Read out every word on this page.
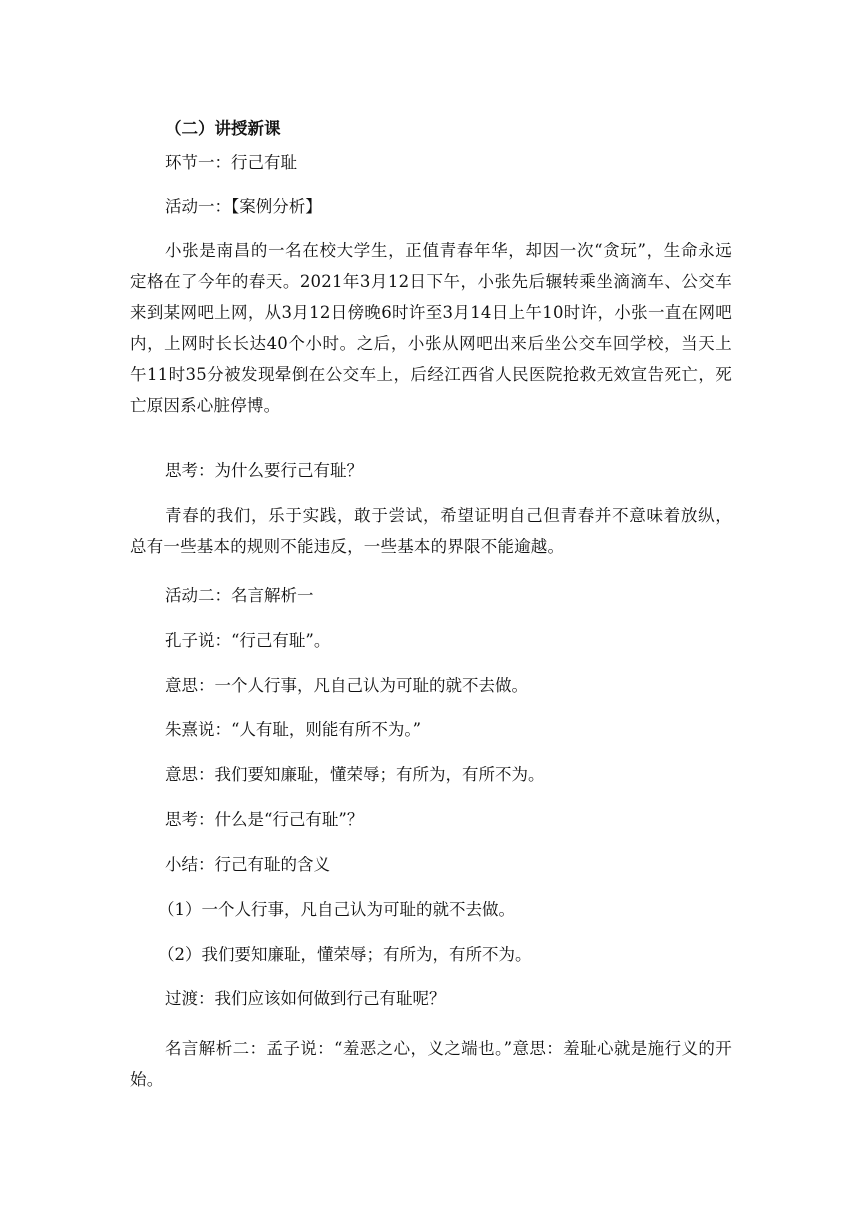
（二）讲授新课

环节一：行己有耻

活动一：【案例分析】

小张是南昌的一名在校大学生，正值青春年华，却因一次“贪玩”，生命永远定格在了今年的春天。2021年3月12日下午，小张先后辗转乘坐滴滴车、公交车来到某网吧上网，从3月12日傍晚6时许至3月14日上午10时许，小张一直在网吧内，上网时长长达40个小时。之后，小张从网吧出来后坐公交车回学校，当天上午11时35分被发现晕倒在公交车上，后经江西省人民医院抢救无效宣告死亡，死亡原因系心脏停博。

思考：为什么要行己有耻？

青春的我们，乐于实践，敢于尝试，希望证明自己但青春并不意味着放纵，总有一些基本的规则不能违反，一些基本的界限不能逾越。

活动二：名言解析一

孔子说：“行己有耻”。

意思：一个人行事，凡自己认为可耻的就不去做。

朱熹说：“人有耻，则能有所不为。”

意思：我们要知廉耻，懂荣辱；有所为，有所不为。

思考：什么是“行己有耻”？

小结：行己有耻的含义

（1）一个人行事，凡自己认为可耻的就不去做。

（2）我们要知廉耻，懂荣辱；有所为，有所不为。

过渡：我们应该如何做到行己有耻呢？

名言解析二：孟子说：“羞恶之心，义之端也。”意思：羞耻心就是施行义的开始。
